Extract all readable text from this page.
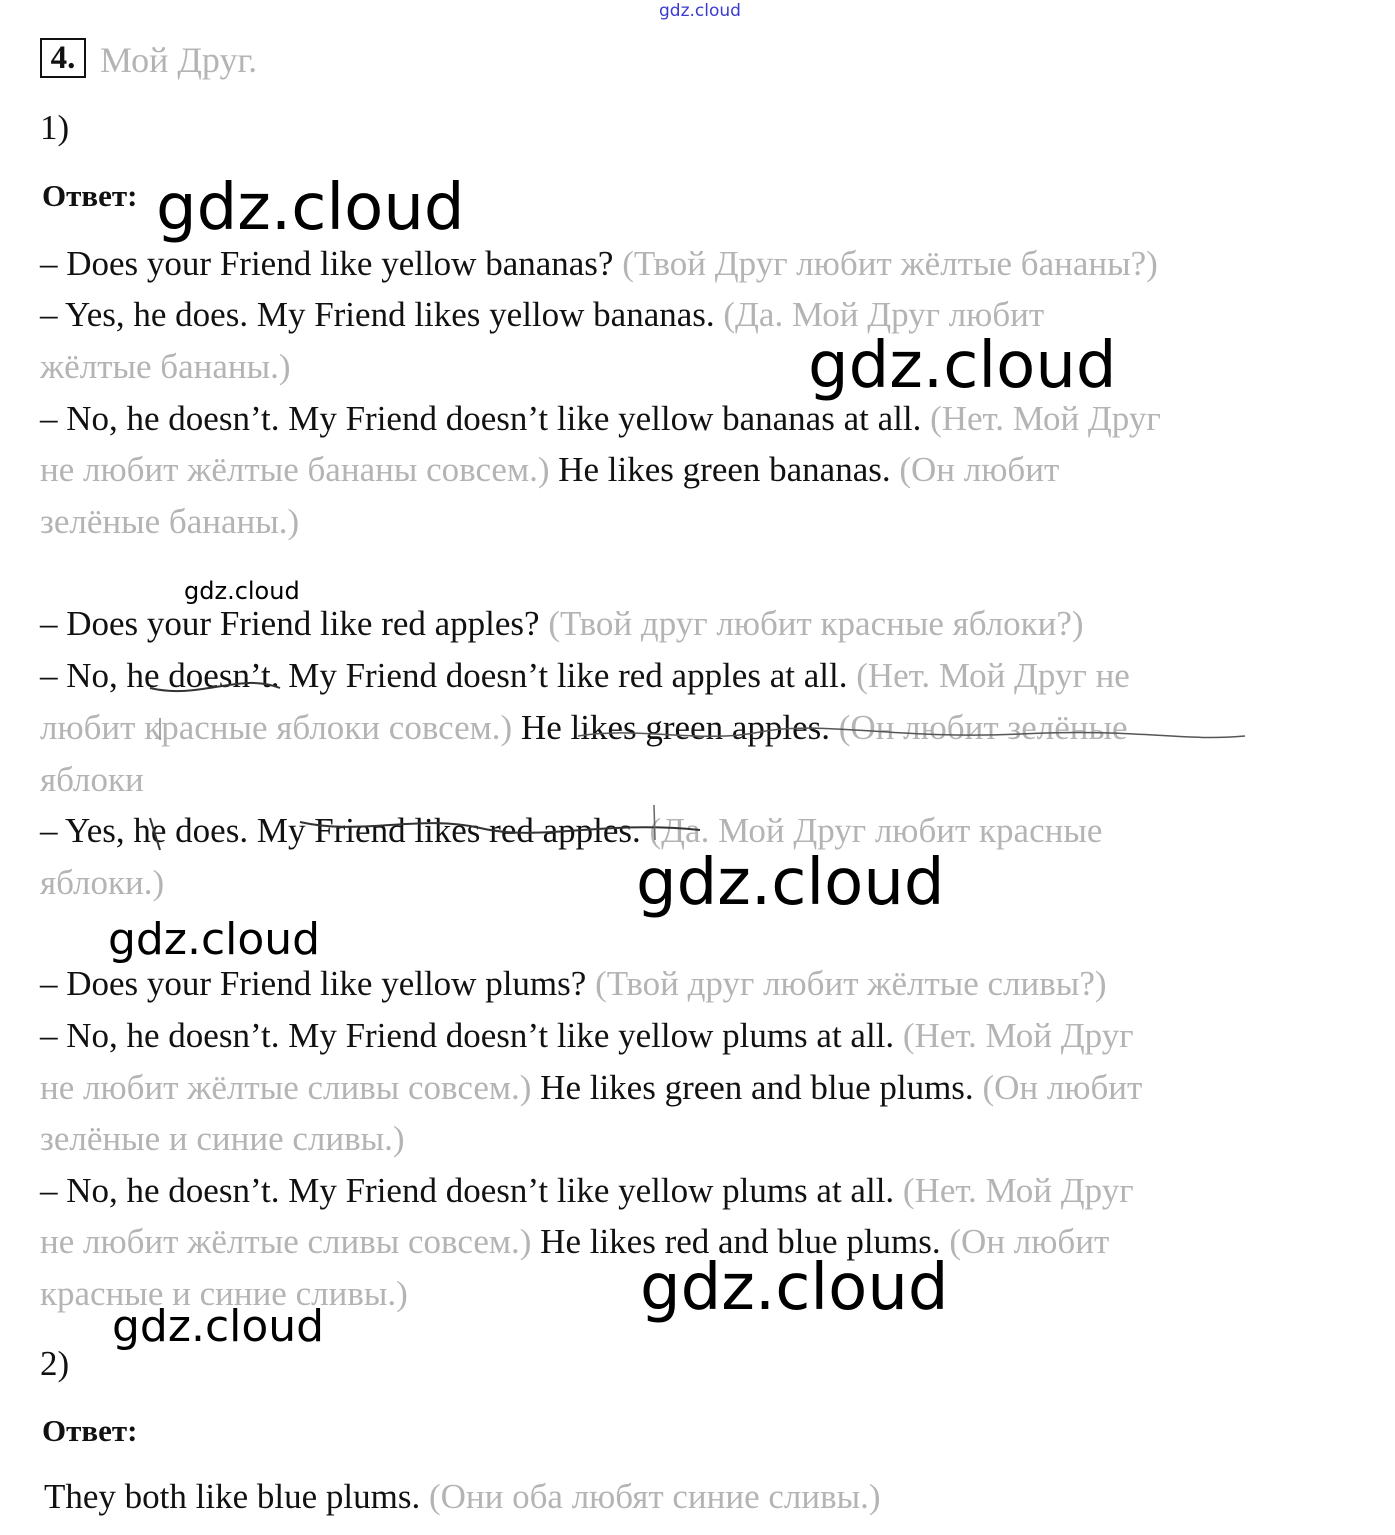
gdz.cloud
4. Мой Друг.
1)
Ответ:
– Does your Friend like yellow bananas? (Твой Друг любит жёлтые бананы?)
– Yes, he does. My Friend likes yellow bananas. (Да. Мой Друг любит
жёлтые бананы.)
– No, he doesn’t. My Friend doesn’t like yellow bananas at all. (Нет. Мой Друг
не любит жёлтые бананы совсем.) He likes green bananas. (Он любит
зелёные бананы.)
– Does your Friend like red apples? (Твой друг любит красные яблоки?)
– No, he doesn’t. My Friend doesn’t like red apples at all. (Нет. Мой Друг не
любит красные яблоки совсем.) He likes green apples. (Он любит зелёные
яблоки
– Yes, he does. My Friend likes red apples. (Да. Мой Друг любит красные
яблоки.)
– Does your Friend like yellow plums? (Твой друг любит жёлтые сливы?)
– No, he doesn’t. My Friend doesn’t like yellow plums at all. (Нет. Мой Друг
не любит жёлтые сливы совсем.) He likes green and blue plums. (Он любит
зелёные и синие сливы.)
– No, he doesn’t. My Friend doesn’t like yellow plums at all. (Нет. Мой Друг
не любит жёлтые сливы совсем.) He likes red and blue plums. (Он любит
красные и синие сливы.)
2)
Ответ:
They both like blue plums. (Они оба любят синие сливы.)
gdz.cloud
gdz.cloud
gdz.cloud
gdz.cloud
gdz.cloud
gdz.cloud
gdz.cloud
